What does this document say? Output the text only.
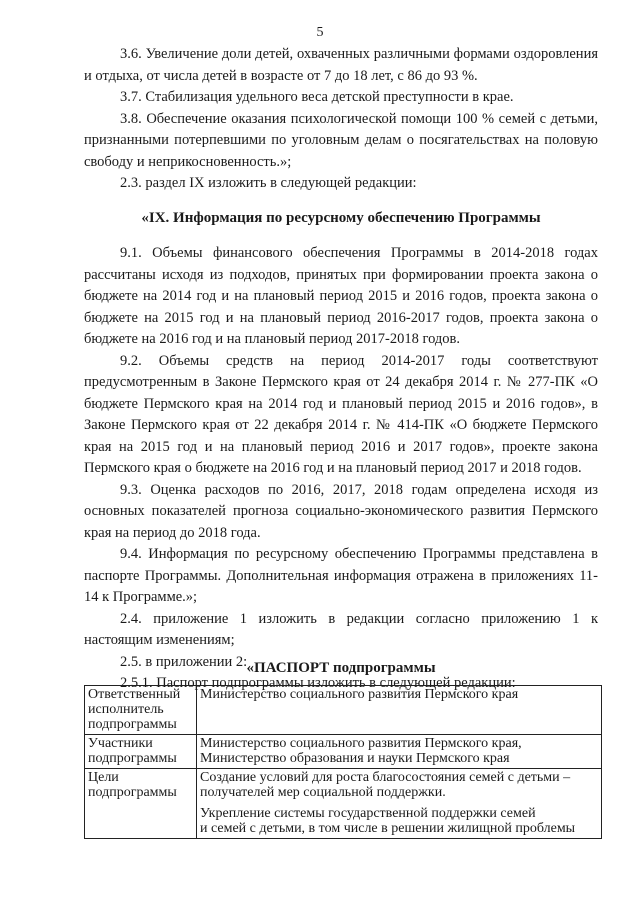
5

3.6. Увеличение доли детей, охваченных различными формами оздоровления и отдыха, от числа детей в возрасте от 7 до 18 лет, с 86 до 93 %.

3.7. Стабилизация удельного веса детской преступности в крае.

3.8. Обеспечение оказания психологической помощи 100 % семей с детьми, признанными потерпевшими по уголовным делам о посягательствах на половую свободу и неприкосновенность.»;

2.3. раздел IX изложить в следующей редакции:

«IX. Информация по ресурсному обеспечению Программы

9.1. Объемы финансового обеспечения Программы в 2014-2018 годах рассчитаны исходя из подходов, принятых при формировании проекта закона о бюджете на 2014 год и на плановый период 2015 и 2016 годов, проекта закона о бюджете на 2015 год и на плановый период 2016-2017 годов, проекта закона о бюджете на 2016 год и на плановый период 2017-2018 годов.

9.2. Объемы средств на период 2014-2017 годы соответствуют предусмотренным в Законе Пермского края от 24 декабря 2014 г. № 277-ПК «О бюджете Пермского края на 2014 год и плановый период 2015 и 2016 годов», в Законе Пермского края от 22 декабря 2014 г. № 414-ПК «О бюджете Пермского края на 2015 год и на плановый период 2016 и 2017 годов», проекте закона Пермского края о бюджете на 2016 год и на плановый период 2017 и 2018 годов.

9.3. Оценка расходов по 2016, 2017, 2018 годам определена исходя из основных показателей прогноза социально-экономического развития Пермского края на период до 2018 года.

9.4. Информация по ресурсному обеспечению Программы представлена в паспорте Программы. Дополнительная информация отражена в приложениях 11-14 к Программе.»;

2.4. приложение 1 изложить в редакции согласно приложению 1 к настоящим изменениям;

2.5. в приложении 2:

2.5.1. Паспорт подпрограммы изложить в следующей редакции:

«ПАСПОРТ подпрограммы

Ответственный
исполнитель
подпрограммы	Министерство социального развития Пермского края

Участники
подпрограммы	Министерство социального развития Пермского края,
Министерство образования и науки Пермского края

Цели
подпрограммы	Создание условий для роста благосостояния семей с детьми –
получателей мер социальной поддержки.
Укрепление системы государственной поддержки семей
и семей с детьми, в том числе в решении жилищной проблемы
